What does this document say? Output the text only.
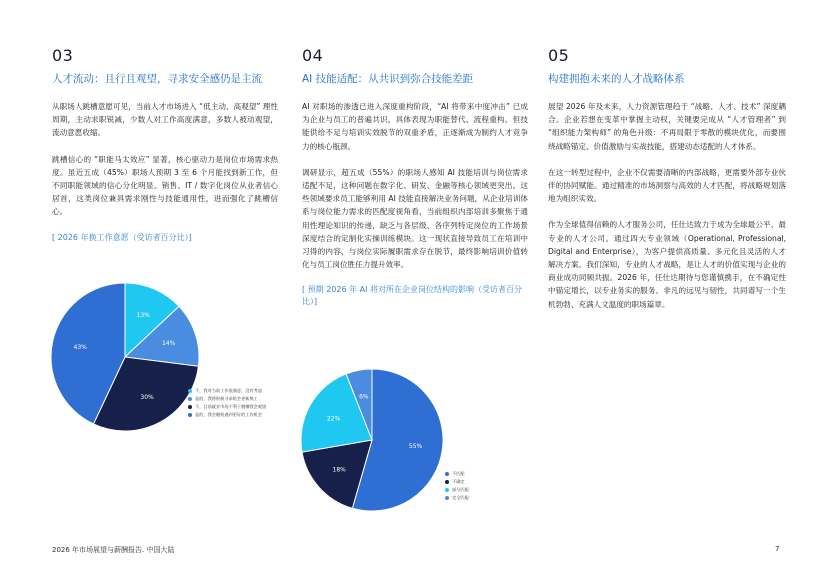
03
人才流动：且行且观望，寻求安全感仍是主流

从职场人跳槽意愿可见，当前人才市场进入 “低主动、高观望” 理性周期，主动求职锐减，少数人对工作高度满意，多数人被动观望，流动意愿收缩。

跳槽信心的 “职能马太效应” 显著，核心驱动力是岗位市场需求热度。虽近五成（45%）职场人预期 3 至 6 个月能找到新工作，但不同职能领域的信心分化明显。销售、IT / 数字化岗位从业者信心居首，这类岗位兼具需求刚性与技能通用性，进而强化了跳槽信心。

[ 2026 年换工作意愿（受访者百分比）]
04
AI 技能适配：从共识到弥合技能差距

AI 对职场的渗透已进入深度重构阶段，“AI 将带来中度冲击” 已成为企业与员工的普遍共识，具体表现为职能替代、流程重构。但技能供给不足与培训实效脱节的双重矛盾，正逐渐成为制约人才竞争力的核心瓶颈。

调研显示，超五成（55%）的职场人感知 AI 技能培训与岗位需求适配不足，这种问题在数字化、研发、金融等核心领域更突出。这些领域要求员工能够利用 AI 技能直接解决业务问题，从企业培训体系与岗位能力需求的匹配度视角看，当前组织内部培训多聚焦于通用性理论知识的传递，缺乏与各层级、各序列特定岗位的工作场景深度结合的定制化实操训练模块。这一现状直接导致员工在培训中习得的内容，与岗位实际履职需求存在脱节，最终影响培训价值转化与员工岗位胜任力提升效率。

[ 预期 2026 年 AI 将对所在企业岗位结构的影响（受访者百分比）]
05
构建拥抱未来的人才战略体系

展望 2026 年及未来，人力资源管理趋于 “战略、人才、技术” 深度耦合。企业若想在变革中掌握主动权，关键要完成从 “人才管理者” 到 “组织能力架构师” 的角色升级：不再局限于零散的模块优化，而要围绕战略锚定、价值激励与实战技能，搭建动态适配的人才体系。

在这一转型过程中，企业不仅需要清晰的内部战略，更需要外部专业伙伴的协同赋能。通过精准的市场洞察与高效的人才匹配，将战略规划落地为组织实效。

作为全球值得信赖的人才服务公司，任仕达致力于成为全球最公平、最专业的人才公司。通过四大专业领域（Operational, Professional, Digital and Enterprise），为客户提供高质量、多元化且灵活的人才解决方案。我们深知，专业的人才战略，是让人才的价值实现与企业的商业成功同频共振。2026 年，任仕达期待与您谨慎携手，在不确定性中锚定增长，以专业务实的服务、非凡的远见与韧性，共同谱写一个生机勃勃、充满人文温度的职场篇章。

13%
14%
30%
43%
不，我对当前工作很满意，没有考虑
是的，我将积极寻求机会更新换工
不，目前就业市场不利于跳槽我会观望
是的，我会随机遇到更好的工作机会
55%
18%
22%
6%
不匹配
不确定
部分匹配
完全匹配
2026 年市场展望与薪酬报告. 中国大陆	7
